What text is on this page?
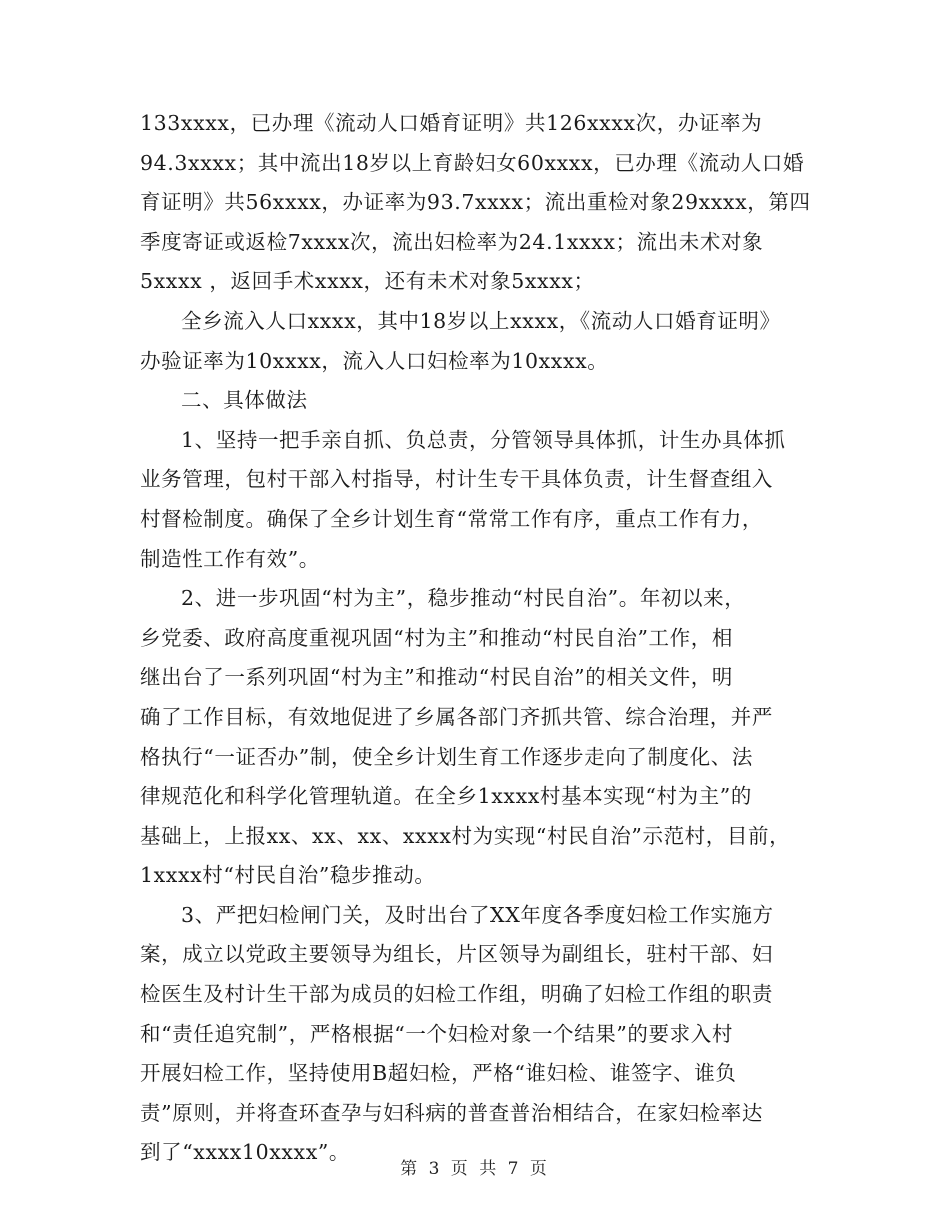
133xxxx，已办理《流动人口婚育证明》共126xxxx次，办证率为
94.3xxxx；其中流出18岁以上育龄妇女60xxxx，已办理《流动人口婚
育证明》共56xxxx，办证率为93.7xxxx；流出重检对象29xxxx，第四
季度寄证或返检7xxxx次，流出妇检率为24.1xxxx；流出未术对象
5xxxx ，返回手术xxxx，还有未术对象5xxxx；
全乡流入人口xxxx，其中18岁以上xxxx，《流动人口婚育证明》
办验证率为10xxxx，流入人口妇检率为10xxxx。
二、具体做法
1、坚持一把手亲自抓、负总责，分管领导具体抓，计生办具体抓
业务管理，包村干部入村指导，村计生专干具体负责，计生督查组入
村督检制度。确保了全乡计划生育“常常工作有序，重点工作有力，
制造性工作有效”。
2、进一步巩固“村为主”，稳步推动“村民自治”。年初以来，
乡党委、政府高度重视巩固“村为主”和推动“村民自治”工作，相
继出台了一系列巩固“村为主”和推动“村民自治”的相关文件，明
确了工作目标，有效地促进了乡属各部门齐抓共管、综合治理，并严
格执行“一证否办”制，使全乡计划生育工作逐步走向了制度化、法
律规范化和科学化管理轨道。在全乡1xxxx村基本实现“村为主”的
基础上，上报xx、xx、xx、xxxx村为实现“村民自治”示范村，目前，
1xxxx村“村民自治”稳步推动。
3、严把妇检闸门关，及时出台了XX年度各季度妇检工作实施方
案，成立以党政主要领导为组长，片区领导为副组长，驻村干部、妇
检医生及村计生干部为成员的妇检工作组，明确了妇检工作组的职责
和“责任追究制”，严格根据“一个妇检对象一个结果”的要求入村
开展妇检工作，坚持使用B超妇检，严格“谁妇检、谁签字、谁负
责”原则，并将查环查孕与妇科病的普查普治相结合，在家妇检率达
到了“xxxx10xxxx”。
第 3 页 共 7 页
